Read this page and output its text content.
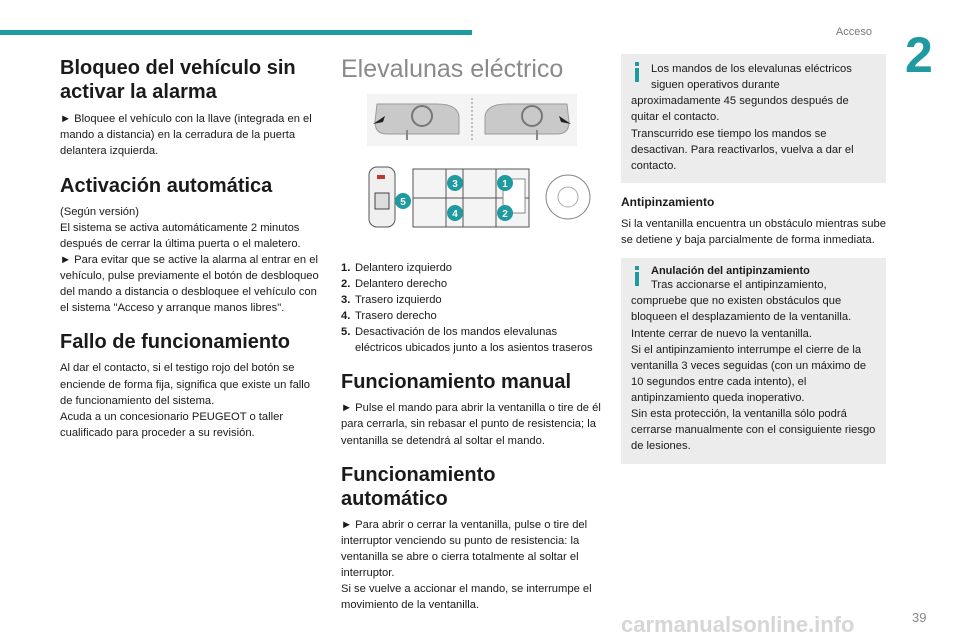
Acceso 2
Bloqueo del vehículo sin activar la alarma

► Bloquee el vehículo con la llave (integrada en el mando a distancia) en la cerradura de la puerta delantera izquierda.

Activación automática

(Según versión)
El sistema se activa automáticamente 2 minutos después de cerrar la última puerta o el maletero.
► Para evitar que se active la alarma al entrar en el vehículo, pulse previamente el botón de desbloqueo del mando a distancia o desbloquee el vehículo con el sistema "Acceso y arranque manos libres".

Fallo de funcionamiento

Al dar el contacto, si el testigo rojo del botón se enciende de forma fija, significa que existe un fallo de funcionamiento del sistema.
Acuda a un concesionario PEUGEOT o taller cualificado para proceder a su revisión.

Elevalunas eléctrico

5
3	1
4	2
1. Delantero izquierdo
2. Delantero derecho
3. Trasero izquierdo
4. Trasero derecho
5. Desactivación de los mandos elevalunas eléctricos ubicados junto a los asientos traseros
Funcionamiento manual

► Pulse el mando para abrir la ventanilla o tire de él para cerrarla, sin rebasar el punto de resistencia; la ventanilla se detendrá al soltar el mando.

Funcionamiento automático

► Para abrir o cerrar la ventanilla, pulse o tire del interruptor venciendo su punto de resistencia: la ventanilla se abre o cierra totalmente al soltar el interruptor.
Si se vuelve a accionar el mando, se interrumpe el movimiento de la ventanilla.

Los mandos de los elevalunas eléctricos siguen operativos durante
aproximadamente 45 segundos después de quitar el contacto.
Transcurrido ese tiempo los mandos se desactivan. Para reactivarlos, vuelva a dar el contacto.

Antipinzamiento

Si la ventanilla encuentra un obstáculo mientras sube se detiene y baja parcialmente de forma inmediata.

Anulación del antipinzamiento

Tras accionarse el antipinzamiento,
compruebe que no existen obstáculos que bloqueen el desplazamiento de la ventanilla.
Intente cerrar de nuevo la ventanilla.
Si el antipinzamiento interrumpe el cierre de la ventanilla 3 veces seguidas (con un máximo de 10 segundos entre cada intento), el antipinzamiento queda inoperativo.
Sin esta protección, la ventanilla sólo podrá cerrarse manualmente con el consiguiente riesgo de lesiones.

carmanualsonline.info	39
